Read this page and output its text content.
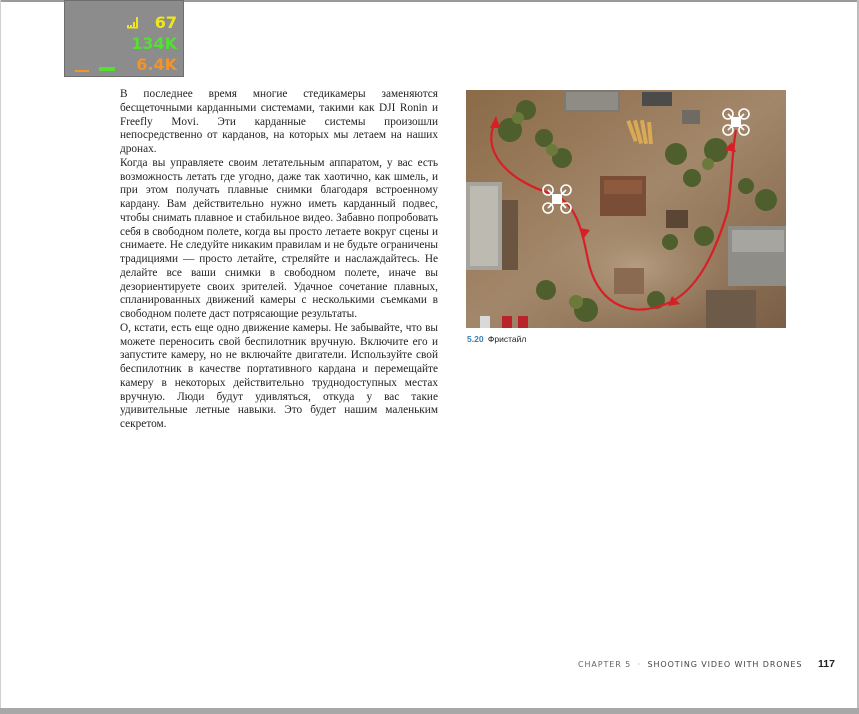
67
134K
6.4K

В последнее время многие стедикамеры заменяются бесщеточными карданными системами, такими как DJI Ronin и Freefly Movi. Эти карданные системы произошли непосредственно от карданов, на которых мы летаем на наших дронах.

Когда вы управляете своим летательным аппаратом, у вас есть возможность летать где угодно, даже так хаотично, как шмель, и при этом получать плавные снимки благодаря встроенному кардану. Вам действительно нужно иметь карданный подвес, чтобы снимать плавное и стабильное видео. Забавно попробовать себя в свободном полете, когда вы просто летаете вокруг сцены и снимаете. Не следуйте никаким правилам и не будьте ограничены традициями — просто летайте, стреляйте и наслаждайтесь. Не делайте все ваши снимки в свободном полете, иначе вы дезориентируете своих зрителей. Удачное сочетание плавных, спланированных движений камеры с несколькими съемками в свободном полете даст потрясающие результаты.

О, кстати, есть еще одно движение камеры. Не забывайте, что вы можете переносить свой беспилотник вручную. Включите его и запустите камеру, но не включайте двигатели. Используйте свой беспилотник в качестве портативного кардана и перемещайте камеру в некоторых действительно труднодоступных местах вручную. Люди будут удивляться, откуда у вас такие удивительные летные навыки. Это будет нашим маленьким секретом.

5.20 Фристайл
CHAPTER 5 · SHOOTING VIDEO WITH DRONES 117
